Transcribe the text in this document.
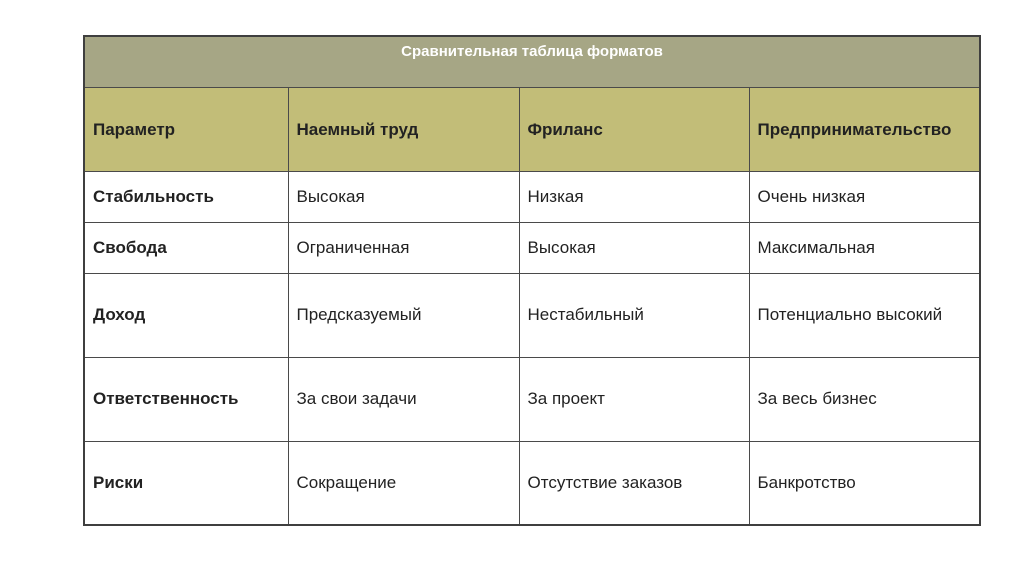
Сравнительная таблица форматов			
Параметр	Наемный труд	Фриланс	Предпринимательство
Стабильность	Высокая	Низкая	Очень низкая
Свобода	Ограниченная	Высокая	Максимальная
Доход	Предсказуемый	Нестабильный	Потенциально высокий
Ответственность	За свои задачи	За проект	За весь бизнес
Риски	Сокращение	Отсутствие заказов	Банкротство
